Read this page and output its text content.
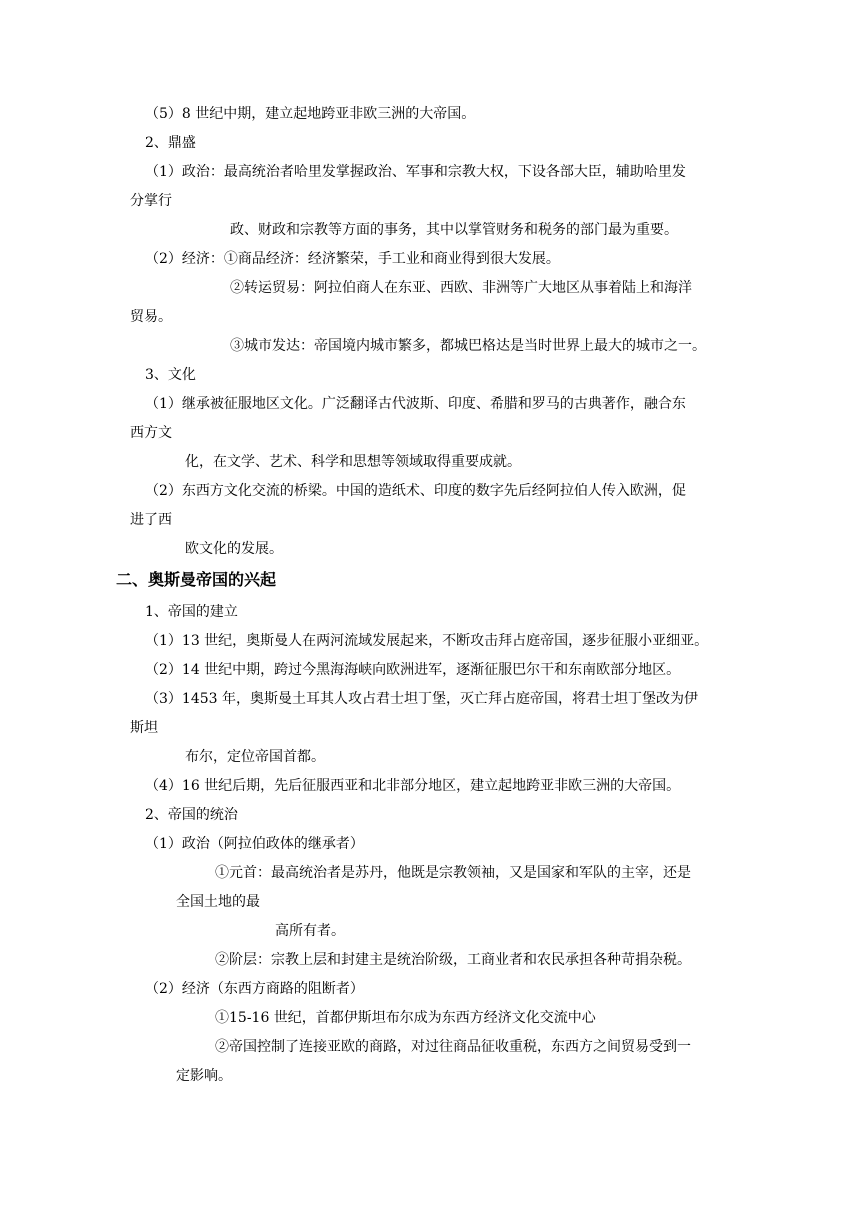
（5）8 世纪中期，建立起地跨亚非欧三洲的大帝国。
2、鼎盛
（1）政治：最高统治者哈里发掌握政治、军事和宗教大权，下设各部大臣，辅助哈里发
分掌行
政、财政和宗教等方面的事务，其中以掌管财务和税务的部门最为重要。
（2）经济：①商品经济：经济繁荣，手工业和商业得到很大发展。
②转运贸易：阿拉伯商人在东亚、西欧、非洲等广大地区从事着陆上和海洋
贸易。
③城市发达：帝国境内城市繁多，都城巴格达是当时世界上最大的城市之一。
3、文化
（1）继承被征服地区文化。广泛翻译古代波斯、印度、希腊和罗马的古典著作，融合东
西方文
化，在文学、艺术、科学和思想等领域取得重要成就。
（2）东西方文化交流的桥梁。中国的造纸术、印度的数字先后经阿拉伯人传入欧洲，促
进了西
欧文化的发展。
二、奥斯曼帝国的兴起
1、帝国的建立
（1）13 世纪，奥斯曼人在两河流域发展起来，不断攻击拜占庭帝国，逐步征服小亚细亚。
（2）14 世纪中期，跨过今黑海海峡向欧洲进军，逐渐征服巴尔干和东南欧部分地区。
（3）1453 年，奥斯曼土耳其人攻占君士坦丁堡，灭亡拜占庭帝国，将君士坦丁堡改为伊
斯坦
布尔，定位帝国首都。
（4）16 世纪后期，先后征服西亚和北非部分地区，建立起地跨亚非欧三洲的大帝国。
2、帝国的统治
（1）政治（阿拉伯政体的继承者）
①元首：最高统治者是苏丹，他既是宗教领袖，又是国家和军队的主宰，还是
全国土地的最
高所有者。
②阶层：宗教上层和封建主是统治阶级，工商业者和农民承担各种苛捐杂税。
（2）经济（东西方商路的阻断者）
①15-16 世纪，首都伊斯坦布尔成为东西方经济文化交流中心
②帝国控制了连接亚欧的商路，对过往商品征收重税，东西方之间贸易受到一
定影响。
